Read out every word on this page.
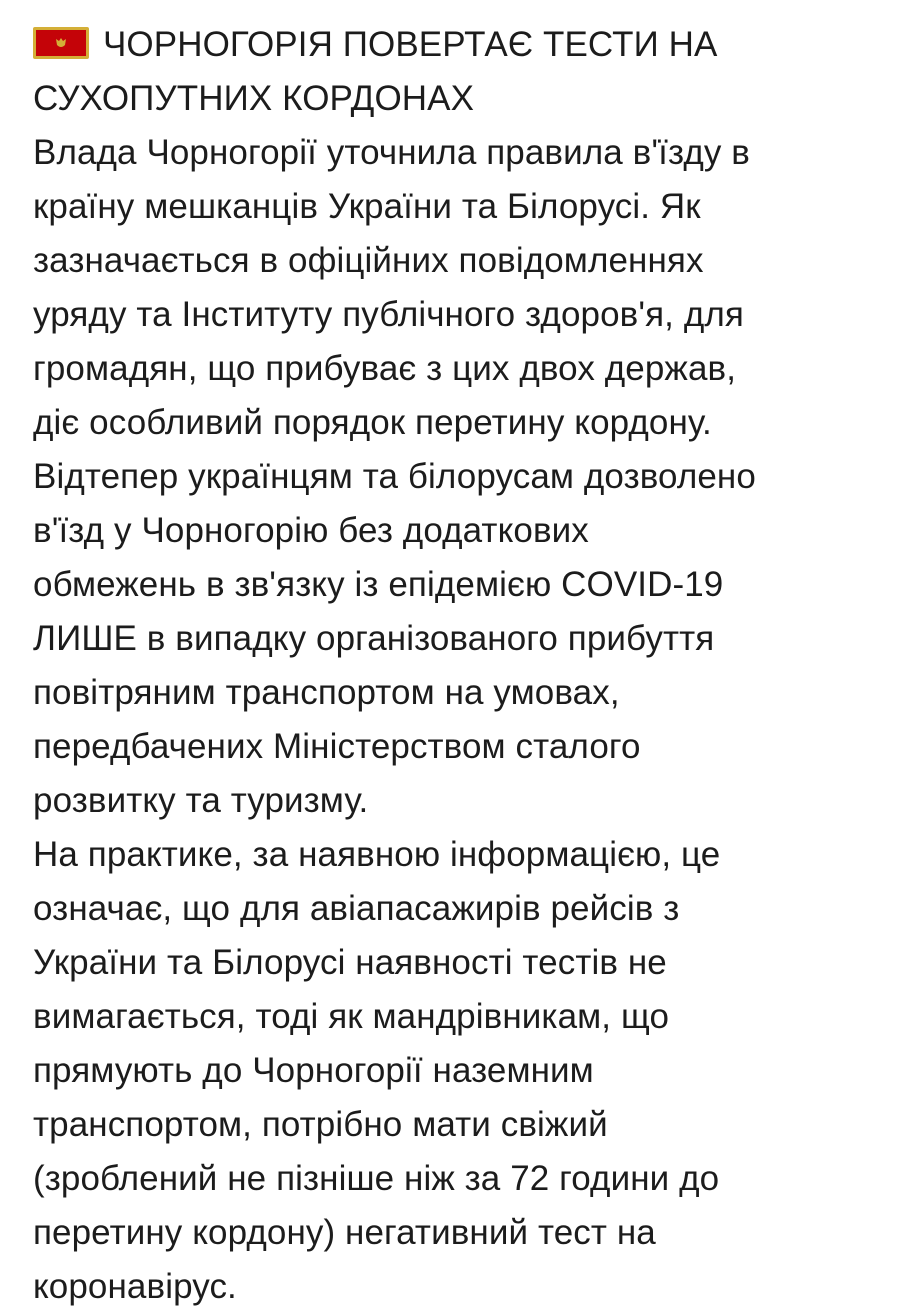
ЧОРНОГОРІЯ ПОВЕРТАЄ ТЕСТИ НА
СУХОПУТНИХ КОРДОНАХ
Влада Чорногорії уточнила правила в'їзду в
країну мешканців України та Білорусі. Як
зазначається в офіційних повідомленнях
уряду та Інституту публічного здоров'я, для
громадян, що прибуває з цих двох держав,
діє особливий порядок перетину кордону.
Відтепер українцям та білорусам дозволено
в'їзд у Чорногорію без додаткових
обмежень в зв'язку із епідемією COVID-19
ЛИШЕ в випадку організованого прибуття
повітряним транспортом на умовах,
передбачених Міністерством сталого
розвитку та туризму.
На практике, за наявною інформацією, це
означає, що для авіапасажирів рейсів з
України та Білорусі наявності тестів не
вимагається, тоді як мандрівникам, що
прямують до Чорногорії наземним
транспортом, потрібно мати свіжий
(зроблений не пізніше ніж за 72 години до
перетину кордону) негативний тест на
коронавірус.
